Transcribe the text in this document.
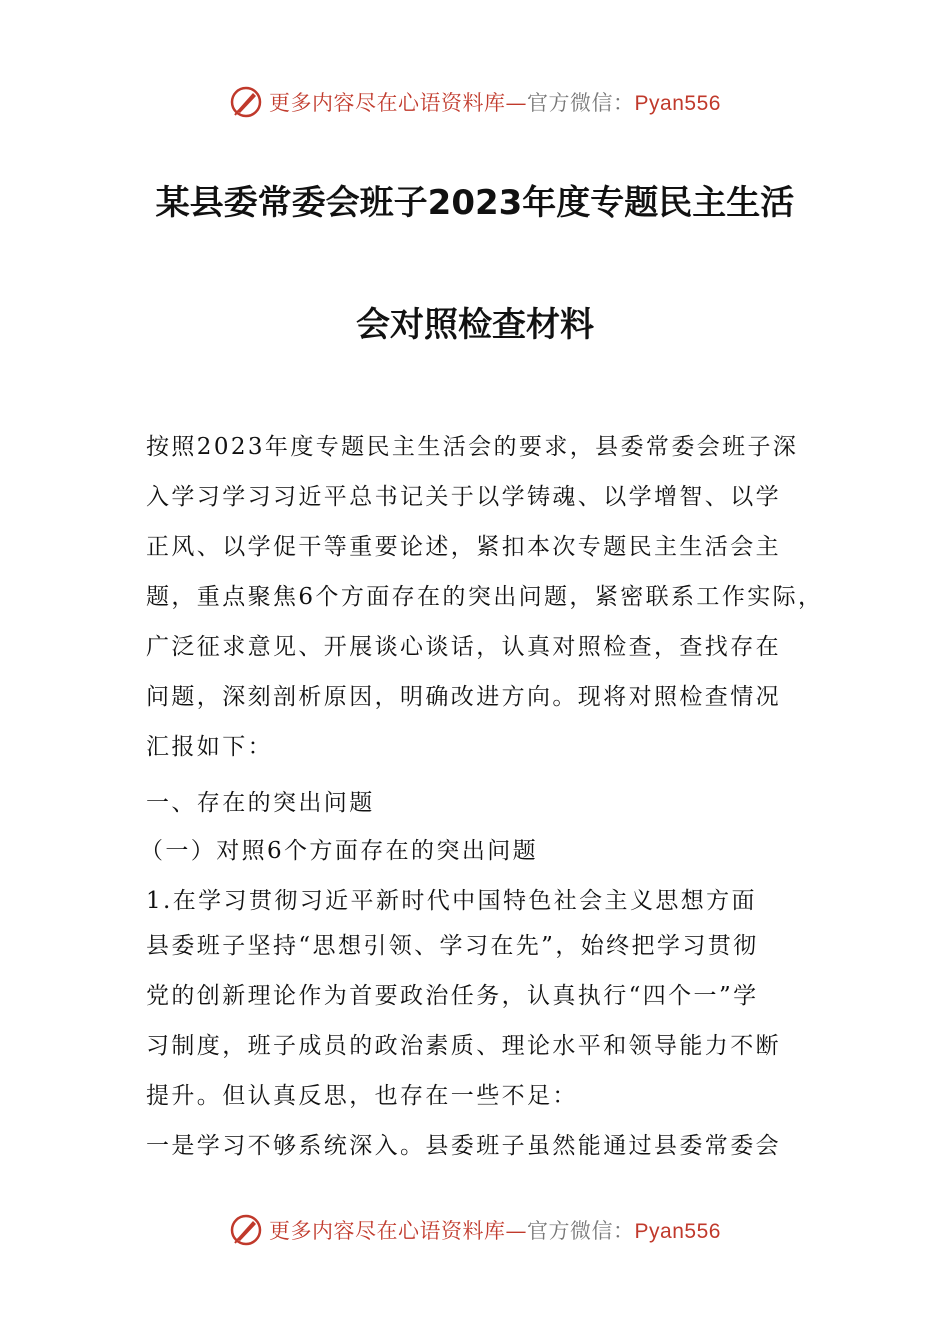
更多内容尽在心语资料库—官方微信：Pyan556
某县委常委会班子2023年度专题民主生活
会对照检查材料
按照2023年度专题民主生活会的要求，县委常委会班子深
入学习学习习近平总书记关于以学铸魂、以学增智、以学
正风、以学促干等重要论述，紧扣本次专题民主生活会主
题，重点聚焦6个方面存在的突出问题，紧密联系工作实际，
广泛征求意见、开展谈心谈话，认真对照检查，查找存在
问题，深刻剖析原因，明确改进方向。现将对照检查情况
汇报如下：
一、存在的突出问题
（一）对照6个方面存在的突出问题
1.在学习贯彻习近平新时代中国特色社会主义思想方面
县委班子坚持“思想引领、学习在先”，始终把学习贯彻
党的创新理论作为首要政治任务，认真执行“四个一”学
习制度，班子成员的政治素质、理论水平和领导能力不断
提升。但认真反思，也存在一些不足：
一是学习不够系统深入。县委班子虽然能通过县委常委会
更多内容尽在心语资料库—官方微信：Pyan556
